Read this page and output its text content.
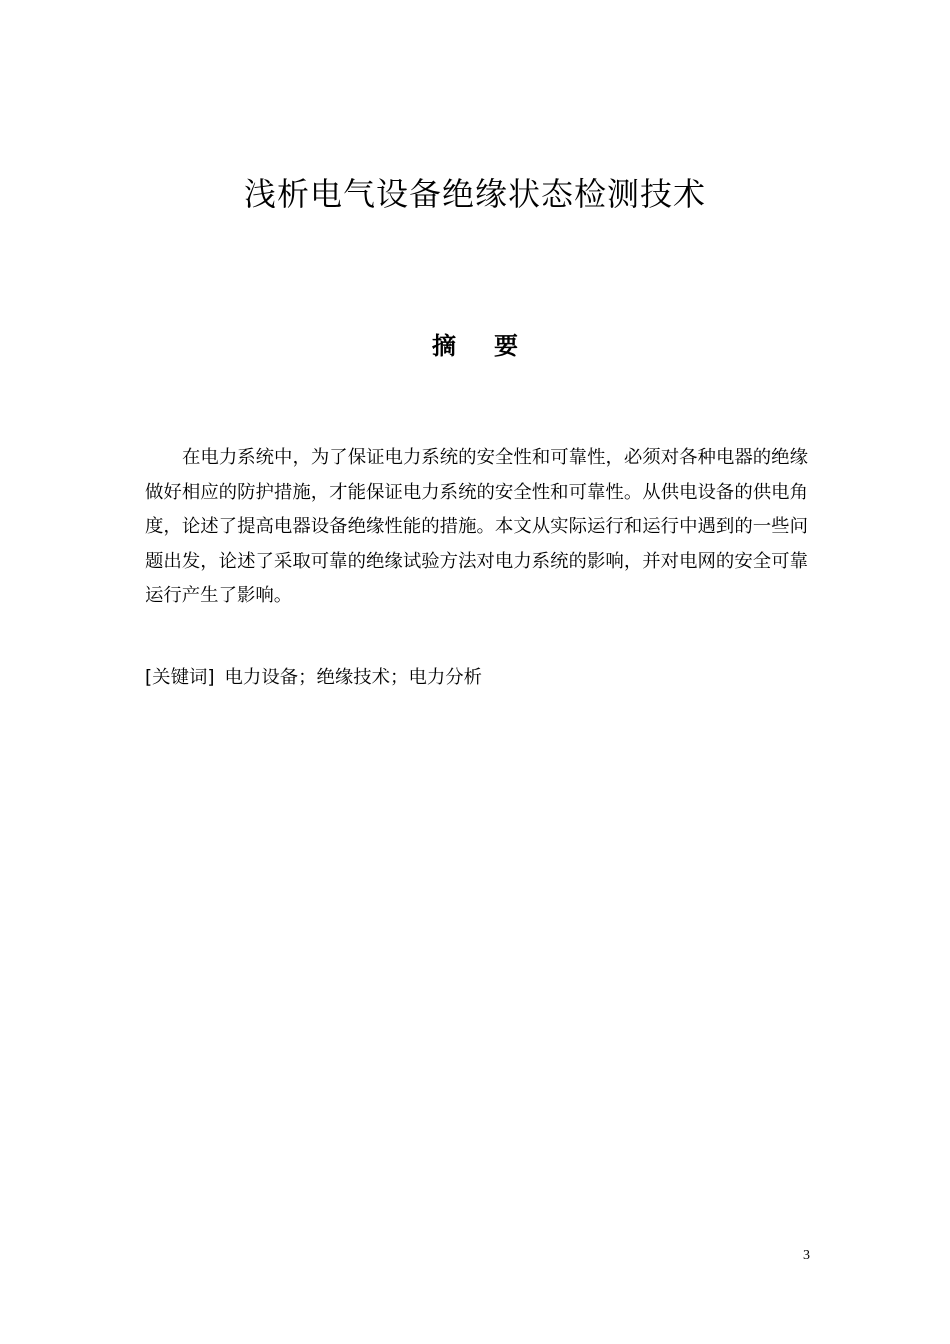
浅析电气设备绝缘状态检测技术
摘要

在电力系统中，为了保证电力系统的安全性和可靠性，必须对各种电器的绝缘做好相应的防护措施，才能保证电力系统的安全性和可靠性。从供电设备的供电角度，论述了提高电器设备绝缘性能的措施。本文从实际运行和运行中遇到的一些问题出发，论述了采取可靠的绝缘试验方法对电力系统的影响，并对电网的安全可靠运行产生了影响。

[关键词] 电力设备；绝缘技术；电力分析

3
